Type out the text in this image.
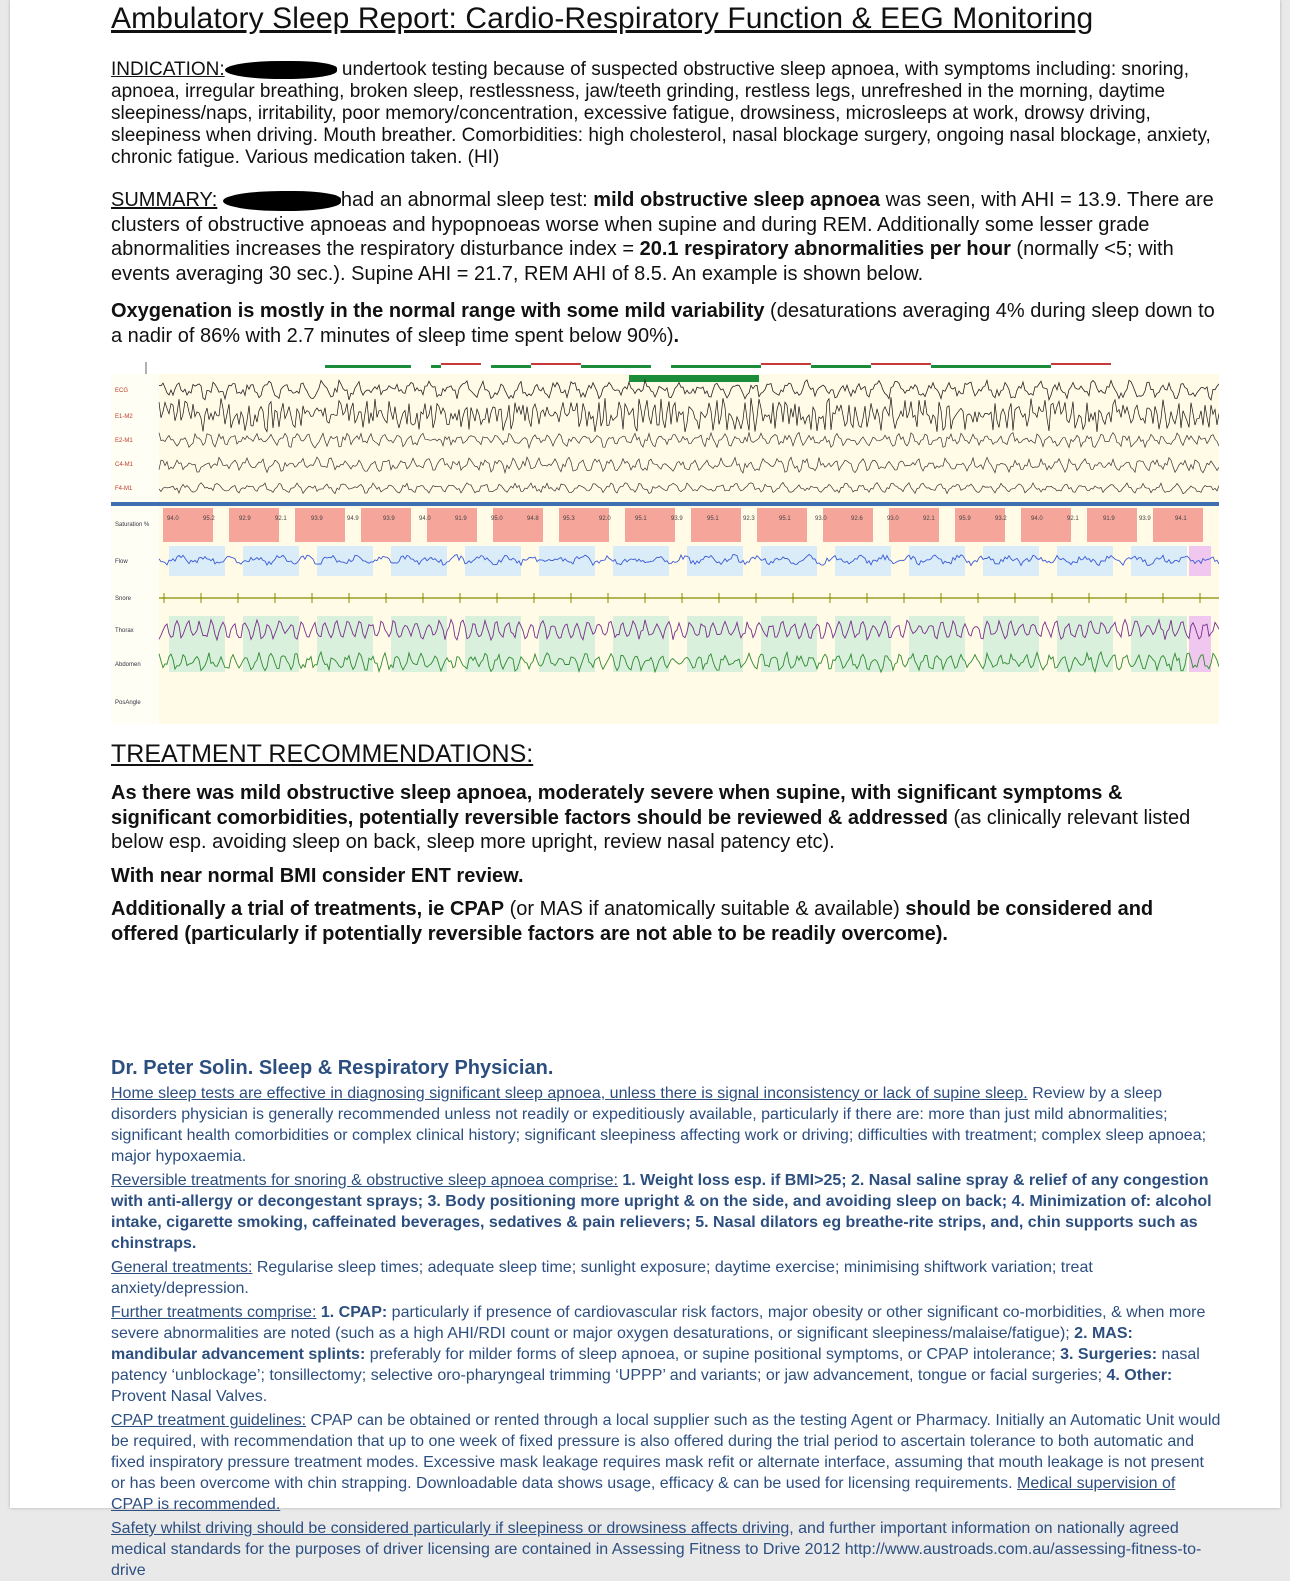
Ambulatory Sleep Report: Cardio-Respiratory Function & EEG Monitoring

INDICATION:	undertook testing because of suspected obstructive sleep apnoea, with symptoms including: snoring, apnoea, irregular breathing, broken sleep, restlessness, jaw/teeth grinding, restless legs, unrefreshed in the morning, daytime sleepiness/naps, irritability, poor memory/concentration, excessive fatigue, drowsiness, microsleeps at work, drowsy driving, sleepiness when driving. Mouth breather. Comorbidities: high cholesterol, nasal blockage surgery, ongoing nasal blockage, anxiety, chronic fatigue. Various medication taken. (HI)

SUMMARY:	had an abnormal sleep test: mild obstructive sleep apnoea was seen, with AHI = 13.9. There are clusters of obstructive apnoeas and hypopnoeas worse when supine and during REM. Additionally some lesser grade abnormalities increases the respiratory disturbance index = 20.1 respiratory abnormalities per hour (normally <5; with events averaging 30 sec.). Supine AHI = 21.7, REM AHI of 8.5. An example is shown below.

Oxygenation is mostly in the normal range with some mild variability (desaturations averaging 4% during sleep down to a nadir of 86% with 2.7 minutes of sleep time spent below 90%).

94.0	95.2	92.9	92.1	93.9	94.9	93.9	94.0	91.9	95.0	94.8	95.3	92.0	95.1	93.9	95.1	92.3	95.1	93.0	92.6	93.0	92.1	95.9	93.2	94.0	92.1	91.9	93.9	94.1
ECG
E1-M2
E2-M1
C4-M1
F4-M1
Saturation %
Flow
Snore
Thorax
Abdomen
PosAngle
TREATMENT RECOMMENDATIONS:

As there was mild obstructive sleep apnoea, moderately severe when supine, with significant symptoms & significant comorbidities, potentially reversible factors should be reviewed & addressed (as clinically relevant listed below esp. avoiding sleep on back, sleep more upright, review nasal patency etc).

With near normal BMI consider ENT review.

Additionally a trial of treatments, ie CPAP (or MAS if anatomically suitable & available) should be considered and offered (particularly if potentially reversible factors are not able to be readily overcome).

Dr. Peter Solin. Sleep & Respiratory Physician.

Home sleep tests are effective in diagnosing significant sleep apnoea, unless there is signal inconsistency or lack of supine sleep. Review by a sleep disorders physician is generally recommended unless not readily or expeditiously available, particularly if there are: more than just mild abnormalities; significant health comorbidities or complex clinical history; significant sleepiness affecting work or driving; difficulties with treatment; complex sleep apnoea; major hypoxaemia.

Reversible treatments for snoring & obstructive sleep apnoea comprise: 1. Weight loss esp. if BMI>25; 2. Nasal saline spray & relief of any congestion with anti-allergy or decongestant sprays; 3. Body positioning more upright & on the side, and avoiding sleep on back; 4. Minimization of: alcohol intake, cigarette smoking, caffeinated beverages, sedatives & pain relievers; 5. Nasal dilators eg breathe-rite strips, and, chin supports such as chinstraps.

General treatments: Regularise sleep times; adequate sleep time; sunlight exposure; daytime exercise; minimising shiftwork variation; treat anxiety/depression.

Further treatments comprise: 1. CPAP: particularly if presence of cardiovascular risk factors, major obesity or other significant co-morbidities, & when more severe abnormalities are noted (such as a high AHI/RDI count or major oxygen desaturations, or significant sleepiness/malaise/fatigue); 2. MAS: mandibular advancement splints: preferably for milder forms of sleep apnoea, or supine positional symptoms, or CPAP intolerance; 3. Surgeries: nasal patency ‘unblockage’; tonsillectomy; selective oro-pharyngeal trimming ‘UPPP’ and variants; or jaw advancement, tongue or facial surgeries; 4. Other: Provent Nasal Valves.

CPAP treatment guidelines: CPAP can be obtained or rented through a local supplier such as the testing Agent or Pharmacy. Initially an Automatic Unit would be required, with recommendation that up to one week of fixed pressure is also offered during the trial period to ascertain tolerance to both automatic and fixed inspiratory pressure treatment modes. Excessive mask leakage requires mask refit or alternate interface, assuming that mouth leakage is not present or has been overcome with chin strapping. Downloadable data shows usage, efficacy & can be used for licensing requirements. Medical supervision of CPAP is recommended.

Safety whilst driving should be considered particularly if sleepiness or drowsiness affects driving, and further important information on nationally agreed medical standards for the purposes of driver licensing are contained in Assessing Fitness to Drive 2012 http://www.austroads.com.au/assessing-fitness-to-drive
